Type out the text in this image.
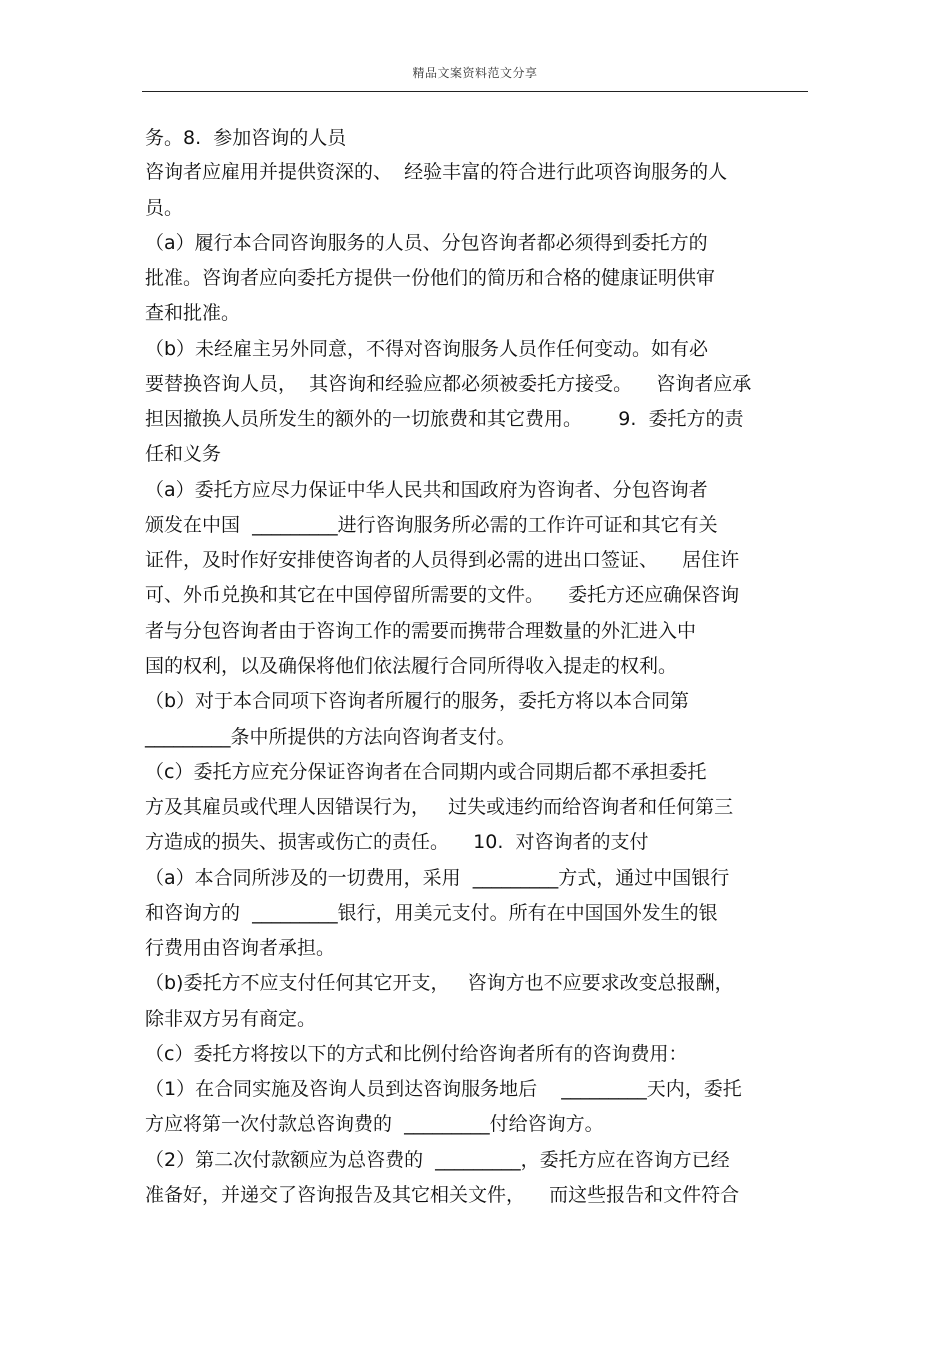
精品文案资料范文分享
务。8.  参加咨询的人员
咨询者应雇用并提供资深的、  经验丰富的符合进行此项咨询服务的人
员。
（a）履行本合同咨询服务的人员、分包咨询者都必须得到委托方的
批准。咨询者应向委托方提供一份他们的简历和合格的健康证明供审
查和批准。
（b）未经雇主另外同意，不得对咨询服务人员作任何变动。如有必
要替换咨询人员，  其咨询和经验应都必须被委托方接受。    咨询者应承
担因撤换人员所发生的额外的一切旅费和其它费用。      9.  委托方的责
任和义务
（a）委托方应尽力保证中华人民共和国政府为咨询者、分包咨询者
颁发在中国  _________进行咨询服务所必需的工作许可证和其它有关
证件，及时作好安排使咨询者的人员得到必需的进出口签证、    居住许
可、外币兑换和其它在中国停留所需要的文件。    委托方还应确保咨询
者与分包咨询者由于咨询工作的需要而携带合理数量的外汇进入中
国的权利，以及确保将他们依法履行合同所得收入提走的权利。
（b）对于本合同项下咨询者所履行的服务，委托方将以本合同第
_________条中所提供的方法向咨询者支付。
（c）委托方应充分保证咨询者在合同期内或合同期后都不承担委托
方及其雇员或代理人因错误行为，   过失或违约而给咨询者和任何第三
方造成的损失、损害或伤亡的责任。    10.  对咨询者的支付
（a）本合同所涉及的一切费用，采用  _________方式，通过中国银行
和咨询方的  _________银行，用美元支付。所有在中国国外发生的银
行费用由咨询者承担。
（b)委托方不应支付任何其它开支，   咨询方也不应要求改变总报酬，
除非双方另有商定。
（c）委托方将按以下的方式和比例付给咨询者所有的咨询费用：
（1）在合同实施及咨询人员到达咨询服务地后    _________天内，委托
方应将第一次付款总咨询费的  _________付给咨询方。
（2）第二次付款额应为总咨费的  _________，委托方应在咨询方已经
准备好，并递交了咨询报告及其它相关文件，    而这些报告和文件符合
